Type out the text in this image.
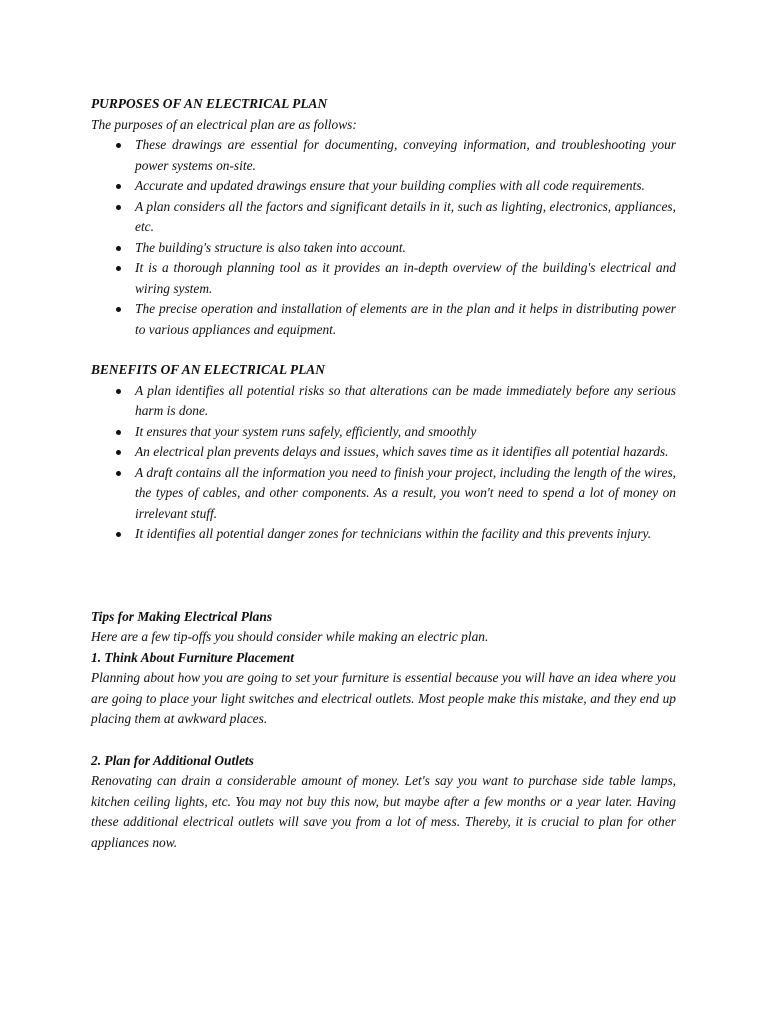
PURPOSES OF AN ELECTRICAL PLAN

The purposes of an electrical plan are as follows:

These drawings are essential for documenting, conveying information, and troubleshooting your power systems on-site.
Accurate and updated drawings ensure that your building complies with all code requirements.
A plan considers all the factors and significant details in it, such as lighting, electronics, appliances, etc.
The building's structure is also taken into account.
It is a thorough planning tool as it provides an in-depth overview of the building's electrical and wiring system.
The precise operation and installation of elements are in the plan and it helps in distributing power to various appliances and equipment.

BENEFITS OF AN ELECTRICAL PLAN

A plan identifies all potential risks so that alterations can be made immediately before any serious harm is done.
It ensures that your system runs safely, efficiently, and smoothly
An electrical plan prevents delays and issues, which saves time as it identifies all potential hazards.
A draft contains all the information you need to finish your project, including the length of the wires, the types of cables, and other components. As a result, you won't need to spend a lot of money on irrelevant stuff.
It identifies all potential danger zones for technicians within the facility and this prevents injury.

Tips for Making Electrical Plans

Here are a few tip-offs you should consider while making an electric plan.

1. Think About Furniture Placement

Planning about how you are going to set your furniture is essential because you will have an idea where you are going to place your light switches and electrical outlets. Most people make this mistake, and they end up placing them at awkward places.

2. Plan for Additional Outlets

Renovating can drain a considerable amount of money. Let's say you want to purchase side table lamps, kitchen ceiling lights, etc. You may not buy this now, but maybe after a few months or a year later. Having these additional electrical outlets will save you from a lot of mess. Thereby, it is crucial to plan for other appliances now.
